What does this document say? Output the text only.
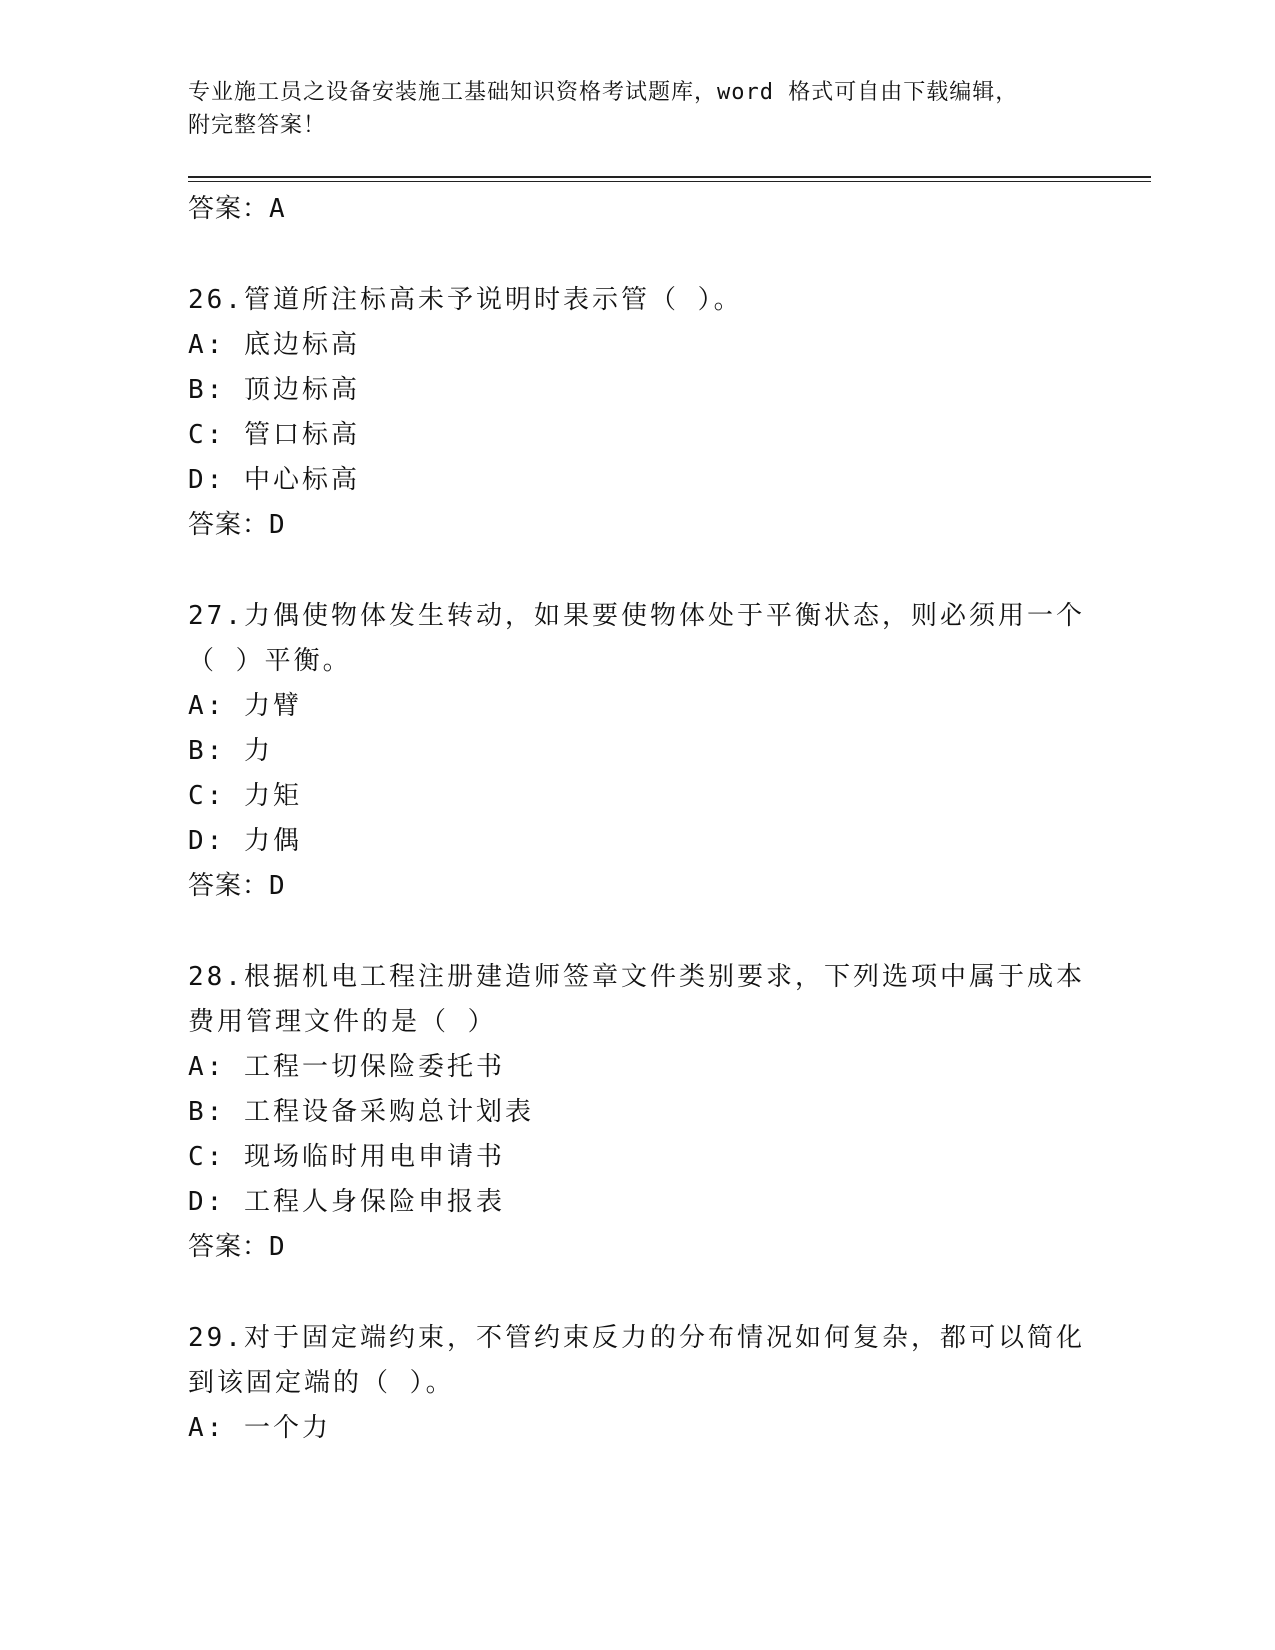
专业施工员之设备安装施工基础知识资格考试题库，word 格式可自由下载编辑，
附完整答案！
答案：A
26.管道所注标高未予说明时表示管（ ）。
A: 底边标高
B: 顶边标高
C: 管口标高
D: 中心标高
答案：D
27.力偶使物体发生转动，如果要使物体处于平衡状态，则必须用一个
（ ）平衡。
A: 力臂
B: 力
C: 力矩
D: 力偶
答案：D
28.根据机电工程注册建造师签章文件类别要求，下列选项中属于成本
费用管理文件的是（ ）
A: 工程一切保险委托书
B: 工程设备采购总计划表
C: 现场临时用电申请书
D: 工程人身保险申报表
答案：D
29.对于固定端约束，不管约束反力的分布情况如何复杂，都可以简化
到该固定端的（ ）。
A: 一个力
